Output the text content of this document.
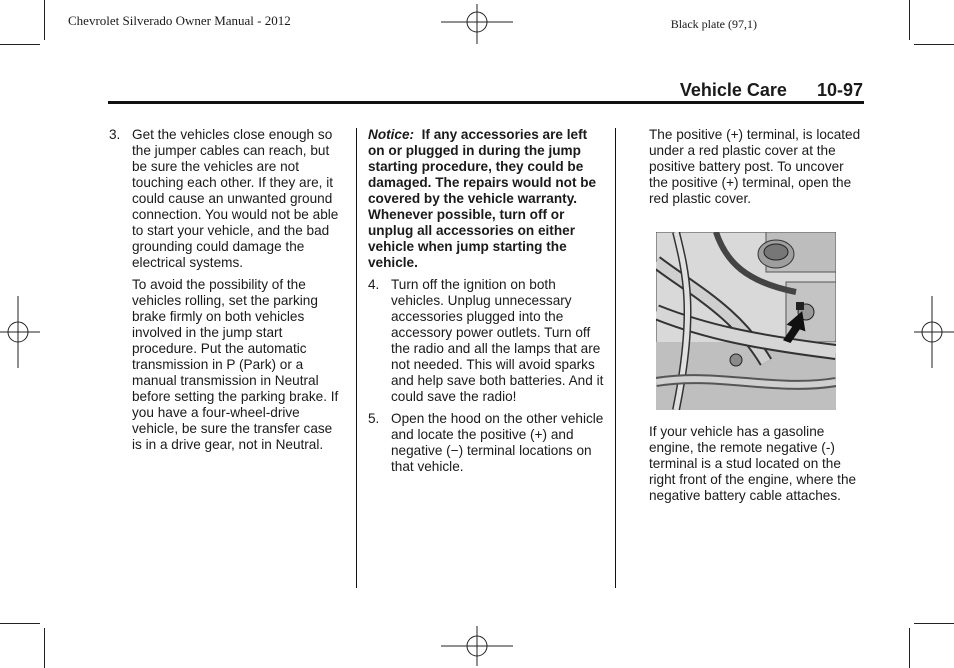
Chevrolet Silverado Owner Manual - 2012	Black plate (97,1)
Vehicle Care 10-97
3. Get the vehicles close enough so the jumper cables can reach, but be sure the vehicles are not touching each other. If they are, it could cause an unwanted ground connection. You would not be able to start your vehicle, and the bad grounding could damage the electrical systems.

To avoid the possibility of the vehicles rolling, set the parking brake firmly on both vehicles involved in the jump start procedure. Put the automatic transmission in P (Park) or a manual transmission in Neutral before setting the parking brake. If you have a four-wheel-drive vehicle, be sure the transfer case is in a drive gear, not in Neutral.

Notice: If any accessories are left on or plugged in during the jump starting procedure, they could be damaged. The repairs would not be covered by the vehicle warranty. Whenever possible, turn off or unplug all accessories on either vehicle when jump starting the vehicle.

4. Turn off the ignition on both vehicles. Unplug unnecessary accessories plugged into the accessory power outlets. Turn off the radio and all the lamps that are not needed. This will avoid sparks and help save both batteries. And it could save the radio!

5. Open the hood on the other vehicle and locate the positive (+) and negative (−) terminal locations on that vehicle.

The positive (+) terminal, is located under a red plastic cover at the positive battery post. To uncover the positive (+) terminal, open the red plastic cover.

If your vehicle has a gasoline engine, the remote negative (-) terminal is a stud located on the right front of the engine, where the negative battery cable attaches.
